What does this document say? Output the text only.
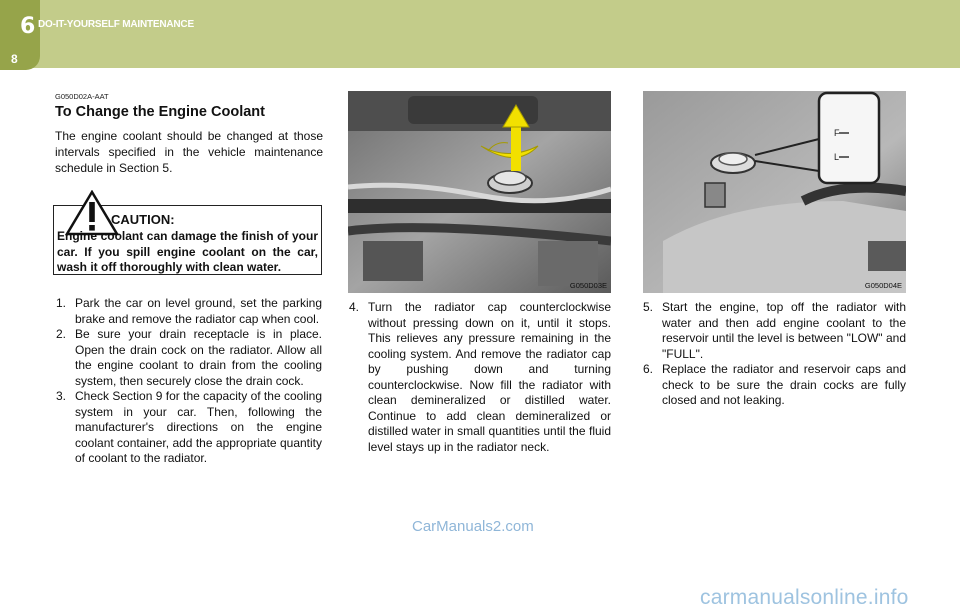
6 DO-IT-YOURSELF MAINTENANCE
8
G050D02A-AAT
To Change the Engine Coolant
The engine coolant should be changed at those intervals specified in the vehicle maintenance schedule in Section 5.
CAUTION:
Engine coolant can damage the finish of your car. If you spill engine coolant on the car, wash it off thoroughly with clean water.
1. Park the car on level ground, set the parking brake and remove the radiator cap when cool.
2. Be sure your drain receptacle is in place. Open the drain cock on the radiator. Allow all the engine coolant to drain from the cooling system, then securely close the drain cock.
3. Check Section 9 for the capacity of the cooling system in your car. Then, following the manufacturer's directions on the engine coolant container, add the appropriate quantity of coolant to the radiator.
G050D03E
4. Turn the radiator cap counterclockwise without pressing down on it, until it stops. This relieves any pressure remaining in the cooling system. And remove the radiator cap by pushing down and turning counterclockwise. Now fill the radiator with clean demineralized or distilled water. Continue to add clean demineralized or distilled water in small quantities until the fluid level stays up in the radiator neck.
F
L
G050D04E
5. Start the engine, top off the radiator with water and then add engine coolant to the reservoir until the level is between "LOW" and "FULL".
6. Replace the radiator and reservoir caps and check to be sure the drain cocks are fully closed and not leaking.
CarManuals2.com
carmanualsonline.info
